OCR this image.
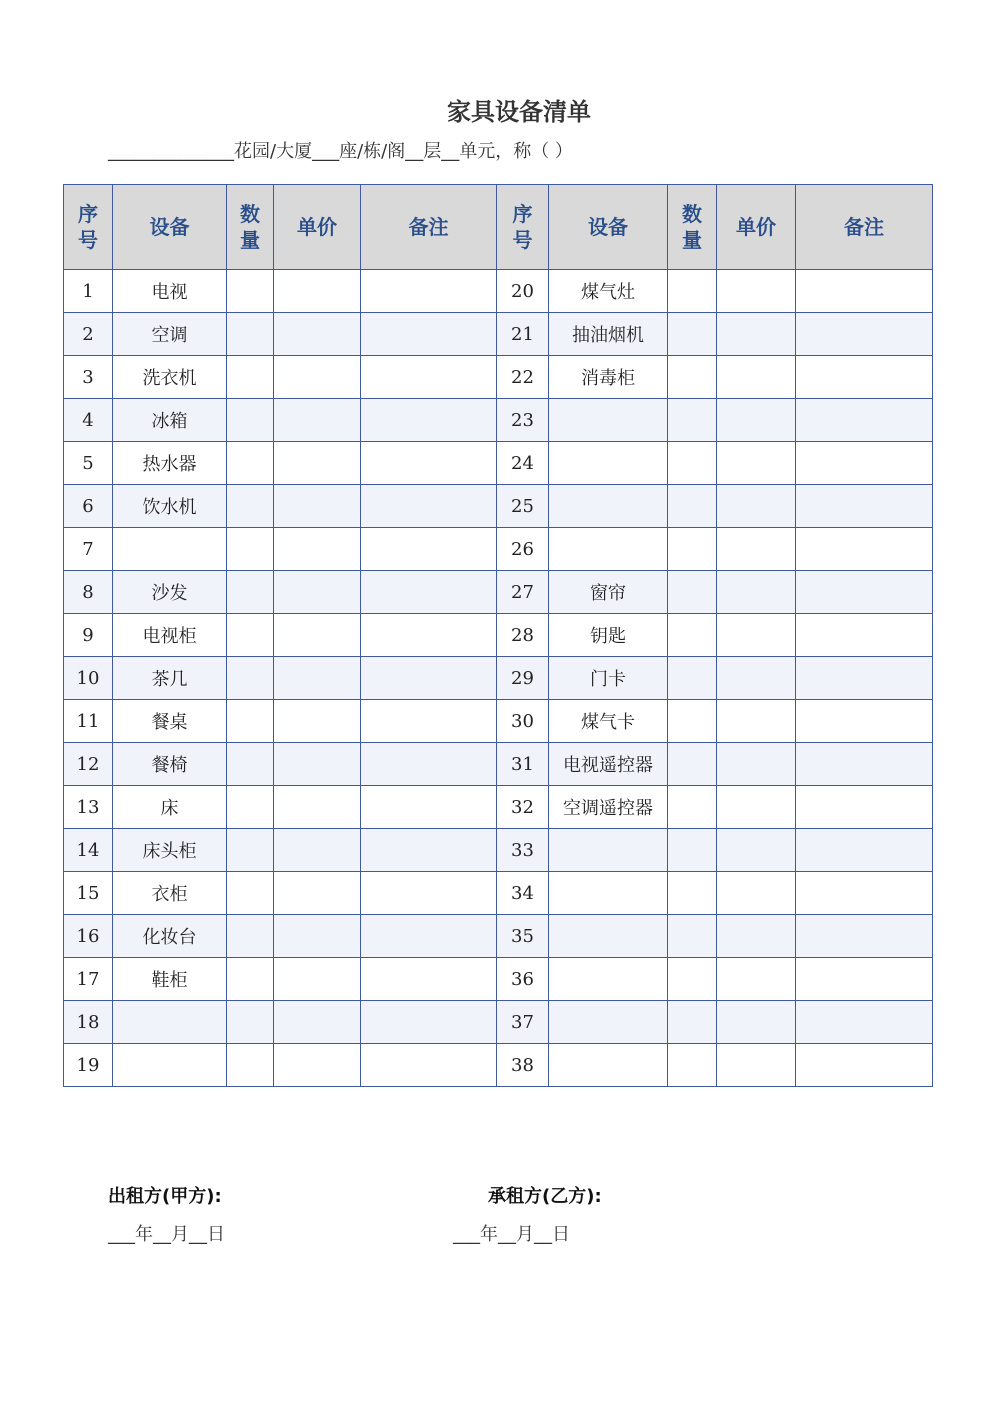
家具设备清单
______________花园/大厦___座/栋/阁__层__单元，称（ ）
序号	设备	数量	单价	备注	序号	设备	数量	单价	备注
1	电视				20	煤气灶			
2	空调				21	抽油烟机			
3	洗衣机				22	消毒柜			
4	冰箱				23				
5	热水器				24				
6	饮水机				25				
7					26				
8	沙发				27	窗帘			
9	电视柜				28	钥匙			
10	茶几				29	门卡			
11	餐桌				30	煤气卡			
12	餐椅				31	电视遥控器			
13	床				32	空调遥控器			
14	床头柜				33				
15	衣柜				34				
16	化妆台				35				
17	鞋柜				36				
18					37				
19					38				
出租方(甲方):	承租方(乙方):
___年__月__日	___年__月__日
